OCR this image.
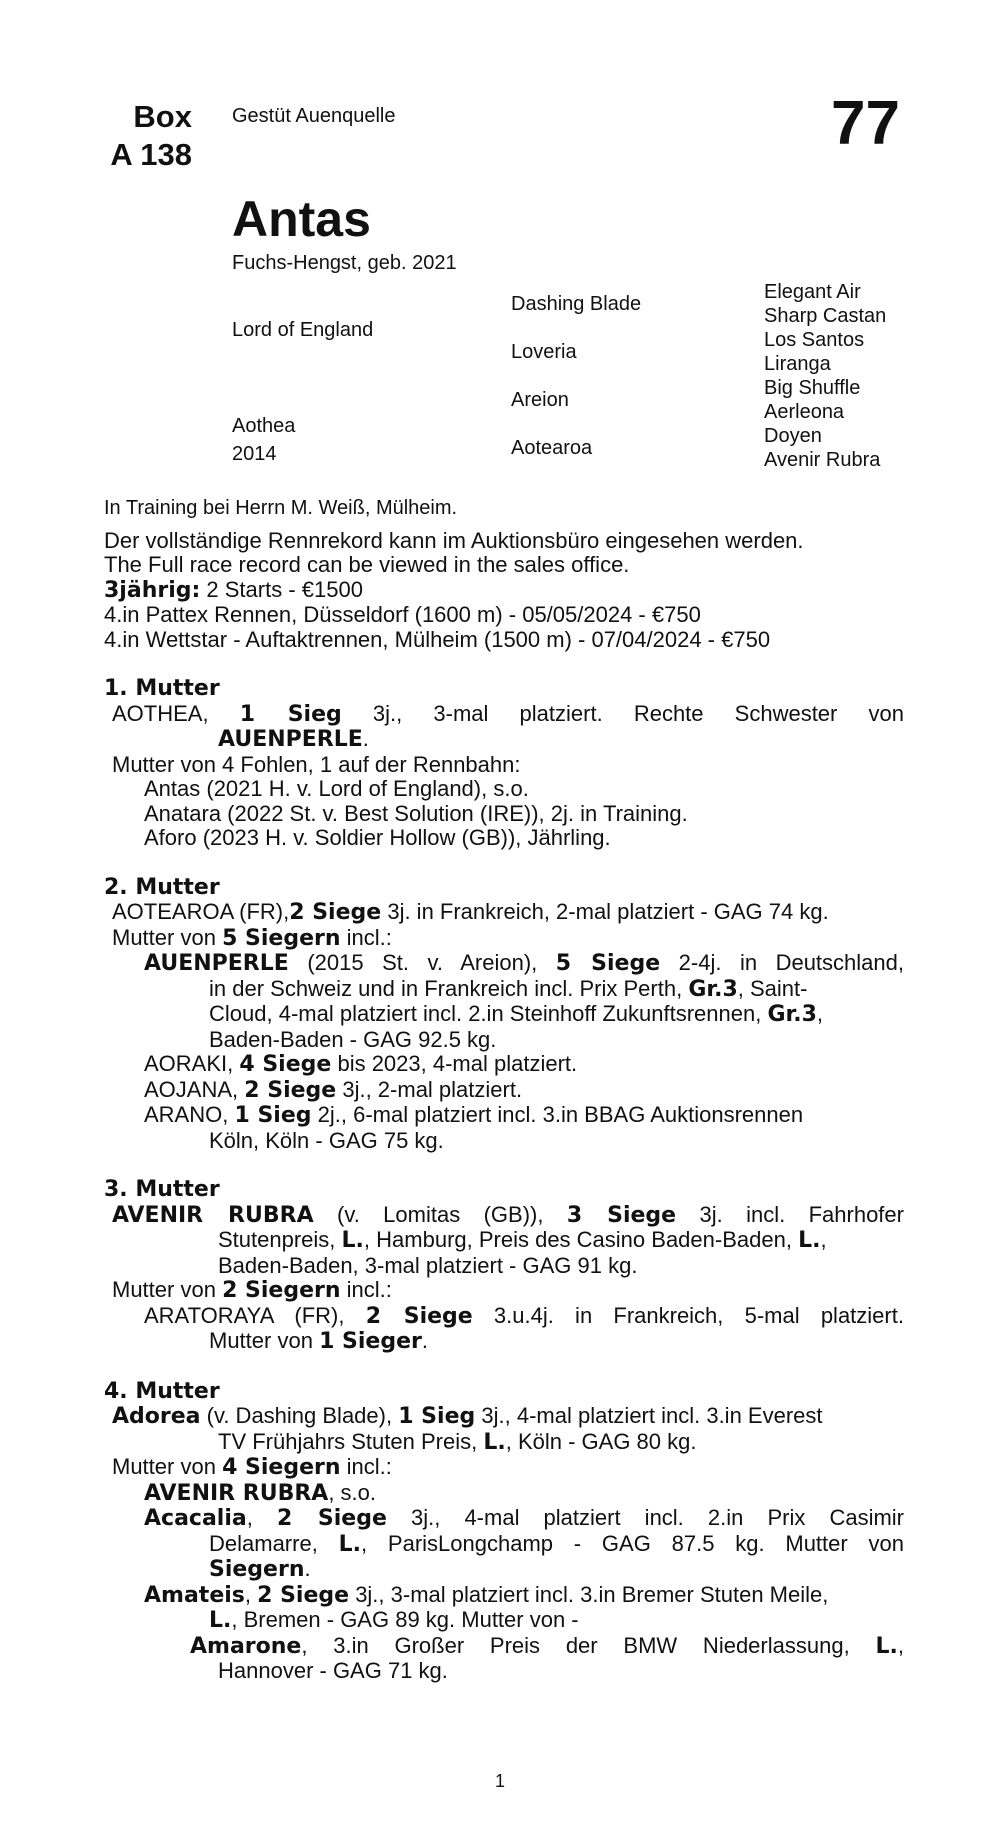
Box
A 138
Gestüt Auenquelle	77
Antas
Fuchs-Hengst, geb. 2021
Lord of England
Aothea
2014
Dashing Blade
Loveria
Areion
Aotearoa
Elegant Air
Sharp Castan
Los Santos
Liranga
Big Shuffle
Aerleona
Doyen
Avenir Rubra

In Training bei Herrn M. Weiß, Mülheim.

Der vollständige Rennrekord kann im Auktionsbüro eingesehen werden.

The Full race record can be viewed in the sales office.

3jährig: 2 Starts - €1500

4.in Pattex Rennen, Düsseldorf (1600 m) - 05/05/2024 - €750

4.in Wettstar - Auftaktrennen, Mülheim (1500 m) - 07/04/2024 - €750

1. Mutter

AOTHEA, 1 Sieg 3j., 3-mal platziert. Rechte Schwester von

AUENPERLE.

Mutter von 4 Fohlen, 1 auf der Rennbahn:

Antas (2021 H. v. Lord of England), s.o.

Anatara (2022 St. v. Best Solution (IRE)), 2j. in Training.

Aforo (2023 H. v. Soldier Hollow (GB)), Jährling.

2. Mutter

AOTEAROA (FR),2 Siege 3j. in Frankreich, 2-mal platziert - GAG 74 kg.

Mutter von 5 Siegern incl.:

AUENPERLE (2015 St. v. Areion), 5 Siege 2-4j. in Deutschland,

in der Schweiz und in Frankreich incl. Prix Perth, Gr.3, Saint-

Cloud, 4-mal platziert incl. 2.in Steinhoff Zukunftsrennen, Gr.3,

Baden-Baden - GAG 92.5 kg.

AORAKI, 4 Siege bis 2023, 4-mal platziert.

AOJANA, 2 Siege 3j., 2-mal platziert.

ARANO, 1 Sieg 2j., 6-mal platziert incl. 3.in BBAG Auktionsrennen

Köln, Köln - GAG 75 kg.

3. Mutter

AVENIR RUBRA (v. Lomitas (GB)), 3 Siege 3j. incl. Fahrhofer

Stutenpreis, L., Hamburg, Preis des Casino Baden-Baden, L.,

Baden-Baden, 3-mal platziert - GAG 91 kg.

Mutter von 2 Siegern incl.:

ARATORAYA (FR), 2 Siege 3.u.4j. in Frankreich, 5-mal platziert.

Mutter von 1 Sieger.

4. Mutter

Adorea (v. Dashing Blade), 1 Sieg 3j., 4-mal platziert incl. 3.in Everest

TV Frühjahrs Stuten Preis, L., Köln - GAG 80 kg.

Mutter von 4 Siegern incl.:

AVENIR RUBRA, s.o.

Acacalia, 2 Siege 3j., 4-mal platziert incl. 2.in Prix Casimir

Delamarre, L., ParisLongchamp - GAG 87.5 kg. Mutter von

Siegern.

Amateis, 2 Siege 3j., 3-mal platziert incl. 3.in Bremer Stuten Meile,

L., Bremen - GAG 89 kg. Mutter von -

Amarone, 3.in Großer Preis der BMW Niederlassung, L.,

Hannover - GAG 71 kg.

1
